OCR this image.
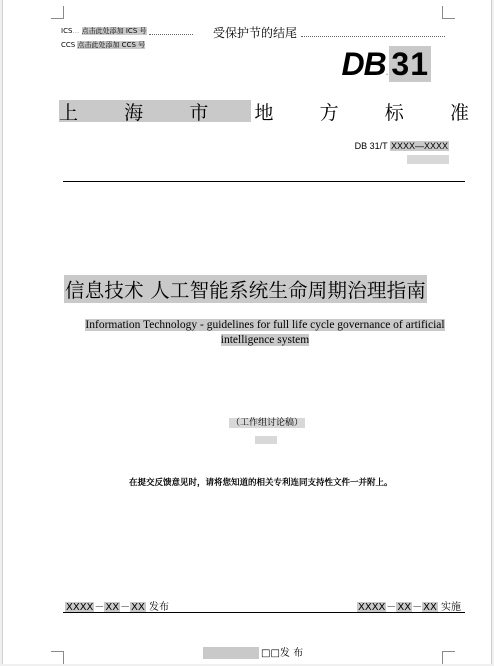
ICS… 点击此处添加 ICS 号
CCS 点击此处添加 CCS 号
受保护节的结尾
DB.31
上 海 市 地 方 标 准
DB 31/T XXXX—XXXX
信息技术 人工智能系统生命周期治理指南
Information Technology - guidelines for full life cycle governance of artificial intelligence system
（工作组讨论稿）
在提交反馈意见时，请将您知道的相关专利连同支持性文件一并附上。
XXXX－XX－XX 发布	XXXX－XX－XX 实施
□□发 布
